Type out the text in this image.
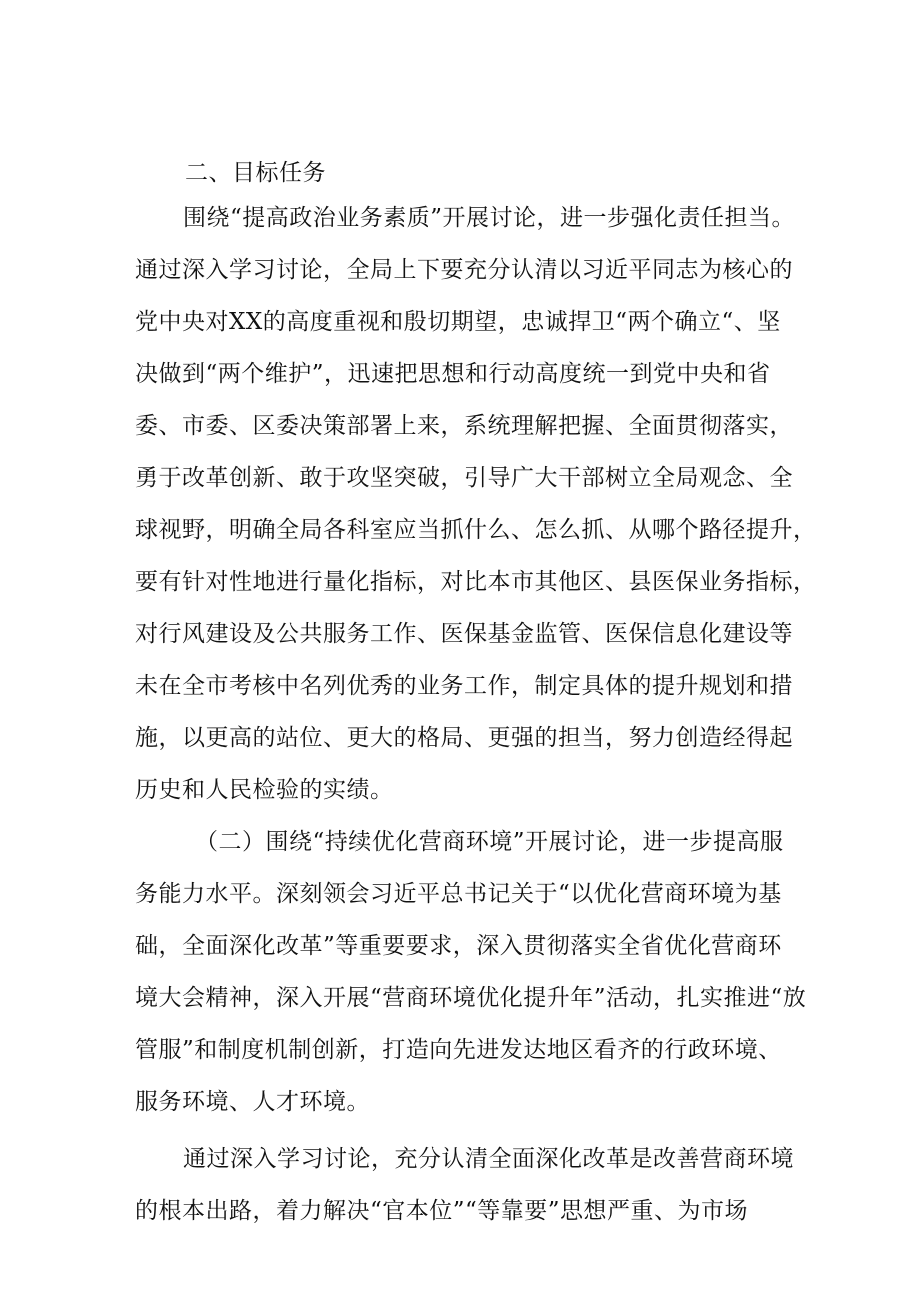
二、目标任务
围绕“提高政治业务素质”开展讨论，进一步强化责任担当。
通过深入学习讨论，全局上下要充分认清以习近平同志为核心的
党中央对XX的高度重视和殷切期望，忠诚捍卫“两个确立“、坚
决做到“两个维护”，迅速把思想和行动高度统一到党中央和省
委、市委、区委决策部署上来，系统理解把握、全面贯彻落实，
勇于改革创新、敢于攻坚突破，引导广大干部树立全局观念、全
球视野，明确全局各科室应当抓什么、怎么抓、从哪个路径提升，
要有针对性地进行量化指标，对比本市其他区、县医保业务指标，
对行风建设及公共服务工作、医保基金监管、医保信息化建设等
未在全市考核中名列优秀的业务工作，制定具体的提升规划和措
施，以更高的站位、更大的格局、更强的担当，努力创造经得起
历史和人民检验的实绩。
（二）围绕“持续优化营商环境”开展讨论，进一步提高服
务能力水平。深刻领会习近平总书记关于“以优化营商环境为基
础，全面深化改革”等重要要求，深入贯彻落实全省优化营商环
境大会精神，深入开展“营商环境优化提升年”活动，扎实推进“放
管服”和制度机制创新，打造向先进发达地区看齐的行政环境、
服务环境、人才环境。
通过深入学习讨论，充分认清全面深化改革是改善营商环境
的根本出路，着力解决“官本位”“等靠要”思想严重、为市场
